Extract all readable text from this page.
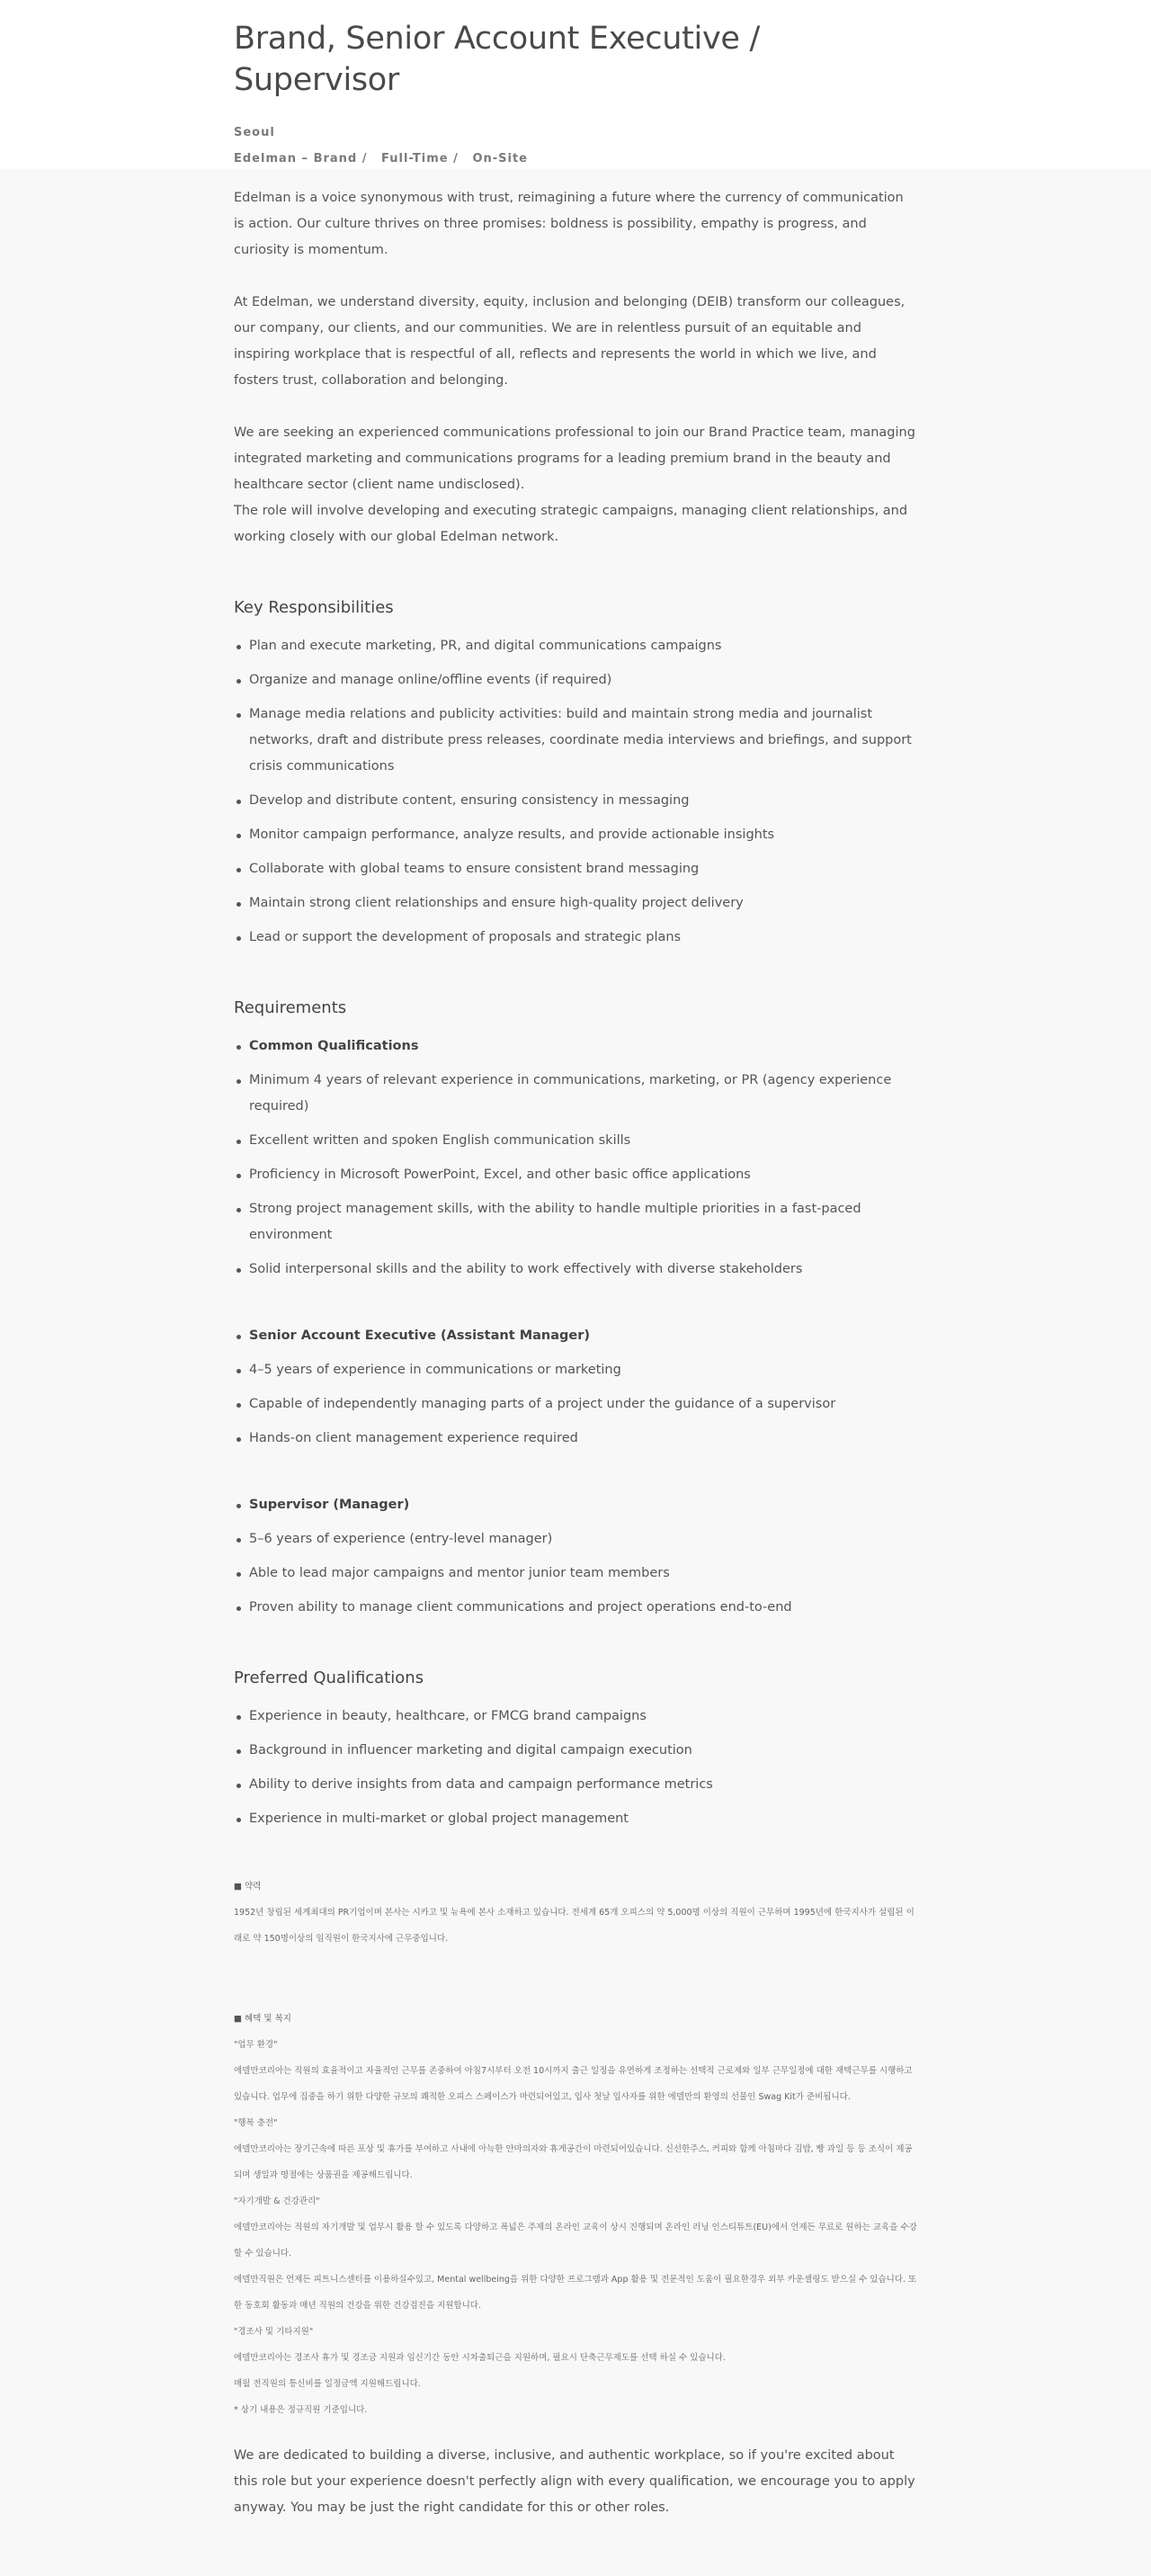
Brand, Senior Account Executive / Supervisor
Seoul
Edelman – Brand / Full-Time / On-Site

Edelman is a voice synonymous with trust, reimagining a future where the currency of communication is action. Our culture thrives on three promises: boldness is possibility, empathy is progress, and curiosity is momentum.

At Edelman, we understand diversity, equity, inclusion and belonging (DEIB) transform our colleagues, our company, our clients, and our communities. We are in relentless pursuit of an equitable and inspiring workplace that is respectful of all, reflects and represents the world in which we live, and fosters trust, collaboration and belonging.

We are seeking an experienced communications professional to join our Brand Practice team, managing integrated marketing and communications programs for a leading premium brand in the beauty and healthcare sector (client name undisclosed).

The role will involve developing and executing strategic campaigns, managing client relationships, and working closely with our global Edelman network.

Key Responsibilities
Plan and execute marketing, PR, and digital communications campaigns
Organize and manage online/offline events (if required)
Manage media relations and publicity activities: build and maintain strong media and journalist networks, draft and distribute press releases, coordinate media interviews and briefings, and support crisis communications
Develop and distribute content, ensuring consistency in messaging
Monitor campaign performance, analyze results, and provide actionable insights
Collaborate with global teams to ensure consistent brand messaging
Maintain strong client relationships and ensure high-quality project delivery
Lead or support the development of proposals and strategic plans
Requirements
Common Qualifications
Minimum 4 years of relevant experience in communications, marketing, or PR (agency experience required)
Excellent written and spoken English communication skills
Proficiency in Microsoft PowerPoint, Excel, and other basic office applications
Strong project management skills, with the ability to handle multiple priorities in a fast-paced environment
Solid interpersonal skills and the ability to work effectively with diverse stakeholders
Senior Account Executive (Assistant Manager)
4–5 years of experience in communications or marketing
Capable of independently managing parts of a project under the guidance of a supervisor
Hands-on client management experience required
Supervisor (Manager)
5–6 years of experience (entry-level manager)
Able to lead major campaigns and mentor junior team members
Proven ability to manage client communications and project operations end-to-end
Preferred Qualifications
Experience in beauty, healthcare, or FMCG brand campaigns
Background in influencer marketing and digital campaign execution
Ability to derive insights from data and campaign performance metrics
Experience in multi-market or global project management
■ 약력
1952년 창립된 세계최대의 PR기업이며 본사는 시카고 및 뉴욕에 본사 소재하고 있습니다. 전세계 65개 오피스의 약 5,000명 이상의 직원이 근무하며 1995년에 한국지사가 설립된 이래로 약 150명이상의 임직원이 한국지사에 근무중입니다.
■ 혜택 및 복지
"업무 환경"
에델만코리아는 직원의 효율적이고 자율적인 근무를 존중하여 아침7시부터 오전 10시까지 출근 일정을 유연하게 조정하는 선택적 근로제와 일부 근무일정에 대한 재택근무를 시행하고 있습니다. 업무에 집중을 하기 위한 다양한 규모의 쾌적한 오피스 스페이스가 마련되어있고, 입사 첫날 입사자를 위한 에델만의 환영의 선물인 Swag Kit가 준비됩니다.
"행복 충전"
에델만코리아는 장기근속에 따른 포상 및 휴가를 부여하고 사내에 아늑한 안마의자와 휴게공간이 마련되어있습니다. 신선한주스, 커피와 함께 아침마다 김밥, 빵 과일 등 등 조식이 제공되며 생일과 명절에는 상품권을 제공해드립니다.
"자기개발 & 건강관리"
에델만코리아는 직원의 자기개발 및 업무시 활용 할 수 있도록 다양하고 폭넓은 주제의 온라인 교육이 상시 진행되며 온라인 러닝 인스티튜트(EU)에서 언제든 무료로 원하는 교육을 수강 할 수 있습니다.
에델만직원은 언제든 피트니스센터를 이용하실수있고, Mental wellbeing을 위한 다양한 프로그램과 App 활용 및 전문적인 도움이 필요한경우 외부 카운셀링도 받으실 수 있습니다. 또한 동호회 활동과 매년 직원의 건강을 위한 건강검진을 지원합니다.
"경조사 및 기타지원"
에델만코리아는 경조사 휴가 및 경조금 지원과 임신기간 동안 시차출퇴근을 지원하며, 필요시 단축근무제도를 선택 하실 수 있습니다.
매월 전직원의 통신비를 일정금액 지원해드립니다.
* 상기 내용은 정규직원 기준입니다.

We are dedicated to building a diverse, inclusive, and authentic workplace, so if you're excited about this role but your experience doesn't perfectly align with every qualification, we encourage you to apply anyway. You may be just the right candidate for this or other roles.
